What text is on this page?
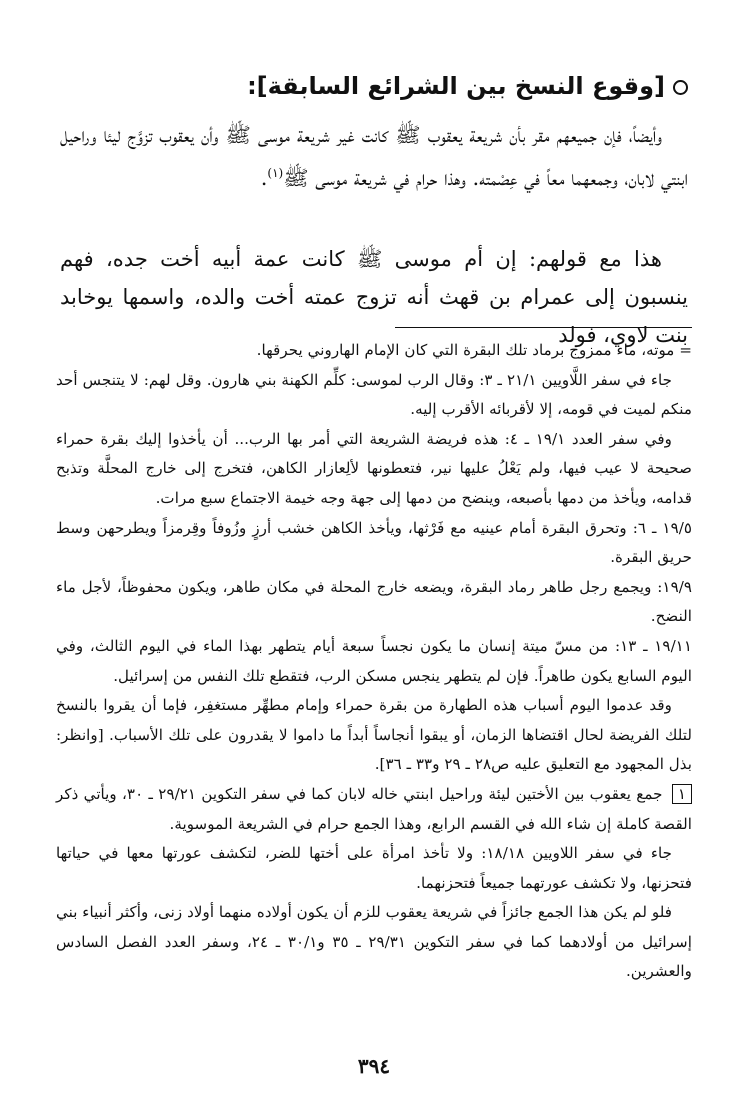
[وقوع النسخ بين الشرائع السابقة]:

وأيضاً، فإن جميعهم مقر بأن شريعة يعقوب ﷺ كانت غير شريعة موسى ﷺ وأن يعقوب تزوَّج ليئا وراحيل ابنتي لابان، وجمعهما معاً في عِصْمته. وهذا حرام في شريعة موسى ﷺ$^{(١)}$.

هذا مع قولهم: إن أم موسى ﷺ كانت عمة أبيه أخت جده، فهم ينسبون إلى عمرام بن قهث أنه تزوج عمته أخت والده، واسمها يوخابد بنت لاوي، فولد

= موته، ماء ممزوج برماد تلك البقرة التي كان الإمام الهاروني يحرقها.

جاء في سفر اللَّاويين ٢١/١ ـ ٣: وقال الرب لموسى: كلِّم الكهنة بني هارون. وقل لهم: لا يتنجس أحد منكم لميت في قومه، إلا لأقربائه الأقرب إليه.

وفي سفر العدد ١٩/١ ـ ٤: هذه فريضة الشريعة التي أمر بها الرب... أن يأخذوا إليك بقرة حمراء صحيحة لا عيب فيها، ولم يَعْلُ عليها نير، فتعطونها لألِعازار الكاهن، فتخرج إلى خارج المحلَّة وتذبح قدامه، ويأخذ من دمها بأصبعه، وينضح من دمها إلى جهة وجه خيمة الاجتماع سبع مرات.

١٩/٥ ـ ٦: وتحرق البقرة أمام عينيه مع فَرْثها، ويأخذ الكاهن خشب أرزٍ وزُوفاً وقِرمزاً ويطرحهن وسط حريق البقرة.

١٩/٩: ويجمع رجل طاهر رماد البقرة، ويضعه خارج المحلة في مكان طاهر، ويكون محفوظاً، لأجل ماء النضح.

١٩/١١ ـ ١٣: من مسّ ميتة إنسان ما يكون نجساً سبعة أيام يتطهر بهذا الماء في اليوم الثالث، وفي اليوم السابع يكون طاهراً. فإن لم يتطهر ينجس مسكن الرب، فتقطع تلك النفس من إسرائيل.

وقد عدموا اليوم أسباب هذه الطهارة من بقرة حمراء وإمام مطهِّر مستغفِر، فإما أن يقروا بالنسخ لتلك الفريضة لحال اقتضاها الزمان، أو يبقوا أنجاساً أبداً ما داموا لا يقدرون على تلك الأسباب. [وانظر: بذل المجهود مع التعليق عليه ص٢٨ ـ ٢٩ و٣٣ ـ ٣٦].

١ جمع يعقوب بين الأختين ليئة وراحيل ابنتي خاله لابان كما في سفر التكوين ٢٩/٢١ ـ ٣٠، ويأتي ذكر القصة كاملة إن شاء الله في القسم الرابع، وهذا الجمع حرام في الشريعة الموسوية.

جاء في سفر اللاويين ١٨/١٨: ولا تأخذ امرأة على أختها للضر، لتكشف عورتها معها في حياتها فتحزنها، ولا تكشف عورتهما جميعاً فتحزنهما.

فلو لم يكن هذا الجمع جائزاً في شريعة يعقوب للزم أن يكون أولاده منهما أولاد زنى، وأكثر أنبياء بني إسرائيل من أولادهما كما في سفر التكوين ٢٩/٣١ ـ ٣٥ و٣٠/١ ـ ٢٤، وسفر العدد الفصل السادس والعشرين.

٣٩٤
